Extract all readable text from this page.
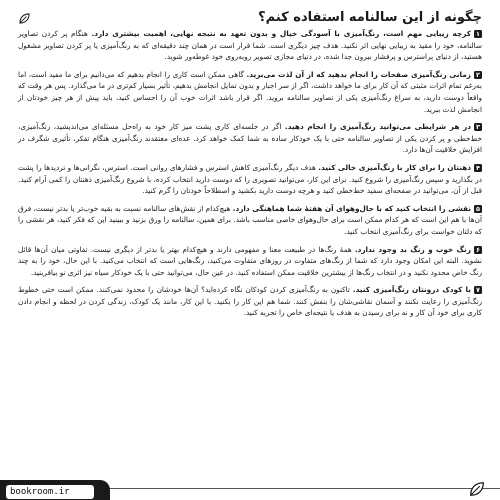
چگونه از این سالنامه استفاده کنم؟

۱کرچه زیبایی مهم است، رنگ‌آمیزی با آسودگی خیال و بدون تعهد به نتیجه نهایی، اهمیت بیشتری دارد. هنگام پر کردن تصاویر سالنامه، خود را مقید به زیبایی نهایی اثر نکنید. هدف چیز دیگری است. شما قرار است در همان چند دقیقه‌ای که به رنگ‌آمیزی یا پر کردن تصاویر مشغول هستید، از دنیای پراسترس و پرفشار بیرون جدا شده، در دنیای مجازی تصویر روبه‌روی خود غوطه‌ور شوید.

۲زمانی رنگ‌آمیزی صفحات را انجام بدهید که از آن لذت می‌برید. گاهی ممکن است کاری را انجام بدهیم که می‌دانیم برای ما مفید است، اما به‌رغم تمام اثرات مثبتی که آن کار برای ما خواهد داشت، اگر از سر اجبار و بدون تمایل انجامش بدهیم، تأثیر بسیار کم‌تری در ما می‌گذارد. پس هر وقت که واقعاً دوست دارید، به سراغ رنگ‌آمیزی یکی از تصاویر سالنامه بروید. اگر قرار باشد اثرات خوب آن را احساس کنید، باید پیش از هر چیز خودتان از انجامش لذت ببرید.

۳در هر شرایطی می‌توانید رنگ‌آمیزی را انجام دهید. اگر در جلسه‌ای کاری پشت میز کار خود به راه‌حل مسئله‌ای می‌اندیشید، رنگ‌آمیزی، خط‌خطی و پر کردن یکی از تصاویر سالنامه حتی با یک خودکار ساده به شما کمک خواهد کرد. عده‌ای معتقدند رنگ‌آمیزی هنگام تفکر، تأثیری شگرف در افزایش خلاقیت آن‌ها دارد.

۴ذهنتان را برای کار با رنگ‌آمیزی خالی کنید. هدف دیگر رنگ‌آمیزی کاهش استرس و فشارهای روانی است. استرس، نگرانی‌ها و تردیدها را پشت در بگذارید و سپس رنگ‌آمیزی را شروع کنید. برای این کار، می‌توانید تصویری را که دوست دارید انتخاب کرده، با شروع رنگ‌آمیزی ذهنتان را کمی آرام کنید. قبل از آن، می‌توانید در صفحه‌ای سفید خط‌خطی کنید و هرچه دوست دارید بکشید و اصطلاحاً خودتان را گرم کنید.

۵نقشی را انتخاب کنید که با حال‌وهوای آن هفتهٔ شما هماهنگی دارد. هیچ‌کدام از نقش‌های سالنامه نسبت به بقیه خوب‌تر یا بدتر نیست، فرق آن‌ها با هم این است که هر کدام ممکن است برای حال‌وهوای خاصی مناسب باشد. برای همین، سالنامه را ورق بزنید و ببینید این که فکر کنید، هر نقشی را که دلتان خواست برای رنگ‌آمیزی انتخاب کنید.

۶رنگ خوب و رنگ بد وجود ندارد. همهٔ رنگ‌ها در طبیعت معنا و مفهومی دارند و هیچ‌کدام بهتر یا بدتر از دیگری نیست. تفاوتی میان آن‌ها قائل نشوید. البته این امکان وجود دارد که شما از رنگ‌های متفاوت در روزهای متفاوت می‌کنید، رنگ‌هایی است که انتخاب می‌کنید. با این حال، خود را به چند رنگ خاص محدود نکنید و در انتخاب رنگ‌ها از بیشترین خلاقیت ممکن استفاده کنید. در عین حال، می‌توانید حتی با یک خودکار سیاه نیز اثری نو بیافرینید.

۷با کودک درونتان رنگ‌آمیزی کنید. تاکنون به رنگ‌آمیزی کردن کودکان نگاه کرده‌اید؟ آن‌ها خودشان را محدود نمی‌کنند. ممکن است حتی خطوط رنگ‌آمیزی را رعایت نکنند و آسمان نقاشی‌شان را بنفش کنند. شما هم این کار را بکنید. با این کار، مانند یک کودک، زندگی کردن در لحظه و انجام دادن کاری برای خود آن کار و نه برای رسیدن به هدف یا نتیجه‌ای خاص را تجربه کنید.

bookroom.ir
